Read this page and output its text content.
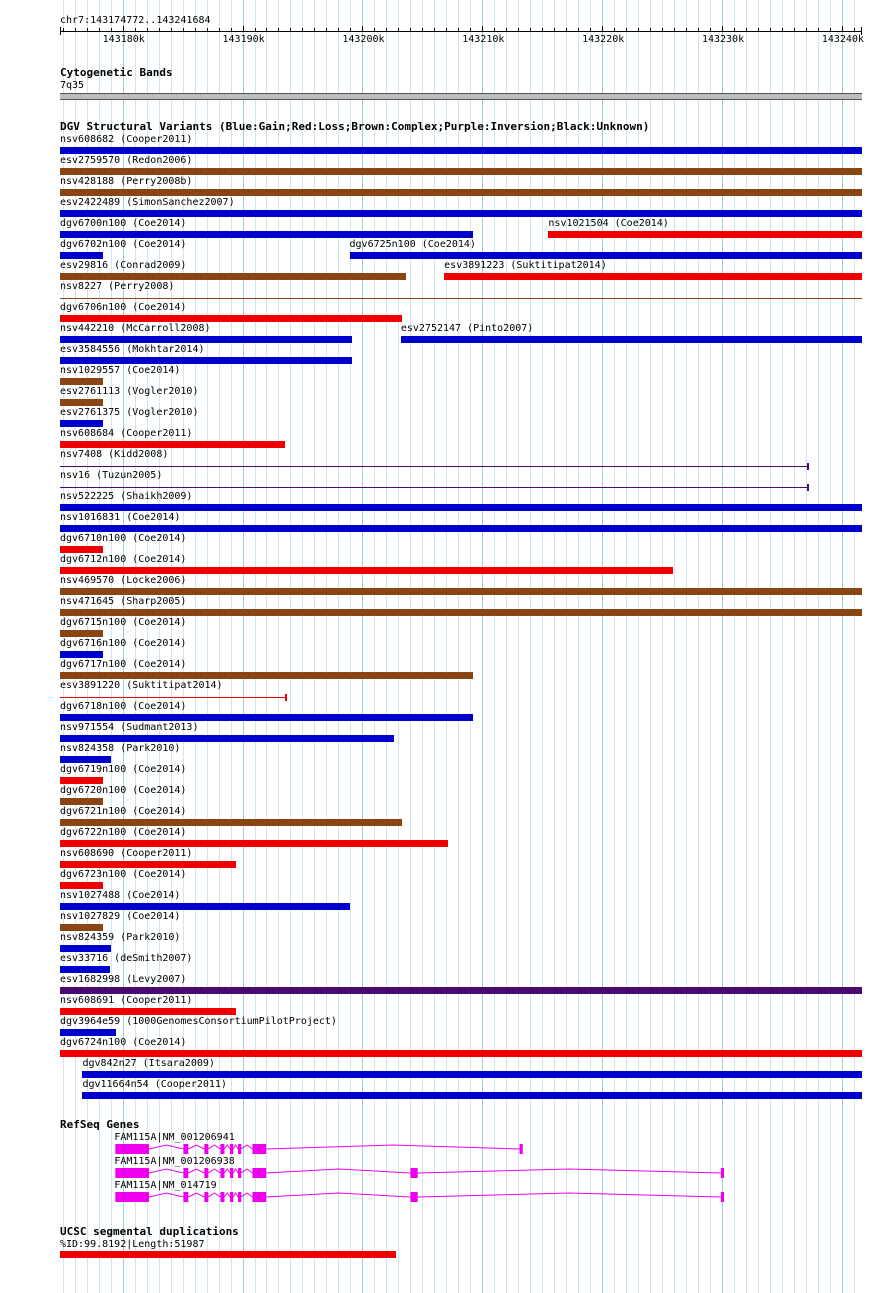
chr7:143174772..143241684
143180k	143190k	143200k	143210k	143220k	143230k	143240k
Cytogenetic Bands
7q35
DGV Structural Variants (Blue:Gain;Red:Loss;Brown:Complex;Purple:Inversion;Black:Unknown)
nsv608682 (Cooper2011)
esv2759570 (Redon2006)
nsv428188 (Perry2008b)
esv2422489 (SimonSanchez2007)
dgv6700n100 (Coe2014)	nsv1021504 (Coe2014)
dgv6702n100 (Coe2014)	dgv6725n100 (Coe2014)
esv29816 (Conrad2009)	esv3891223 (Suktitipat2014)
nsv8227 (Perry2008)
dgv6706n100 (Coe2014)
nsv442210 (McCarroll2008)	esv2752147 (Pinto2007)
esv3584556 (Mokhtar2014)
nsv1029557 (Coe2014)
esv2761113 (Vogler2010)
esv2761375 (Vogler2010)
nsv608684 (Cooper2011)
nsv7408 (Kidd2008)
nsv16 (Tuzun2005)
nsv522225 (Shaikh2009)
nsv1016831 (Coe2014)
dgv6710n100 (Coe2014)
dgv6712n100 (Coe2014)
nsv469570 (Locke2006)
nsv471645 (Sharp2005)
dgv6715n100 (Coe2014)
dgv6716n100 (Coe2014)
dgv6717n100 (Coe2014)
esv3891220 (Suktitipat2014)
dgv6718n100 (Coe2014)
nsv971554 (Sudmant2013)
nsv824358 (Park2010)
dgv6719n100 (Coe2014)
dgv6720n100 (Coe2014)
dgv6721n100 (Coe2014)
dgv6722n100 (Coe2014)
nsv608690 (Cooper2011)
dgv6723n100 (Coe2014)
nsv1027488 (Coe2014)
nsv1027829 (Coe2014)
nsv824359 (Park2010)
esv33716 (deSmith2007)
esv1682998 (Levy2007)
nsv608691 (Cooper2011)
dgv3964e59 (1000GenomesConsortiumPilotProject)
dgv6724n100 (Coe2014)
dgv842n27 (Itsara2009)
dgv11664n54 (Cooper2011)
RefSeq Genes
FAM115A|NM_001206941
FAM115A|NM_001206938
FAM115A|NM_014719
UCSC segmental duplications
%ID:99.8192|Length:51987
